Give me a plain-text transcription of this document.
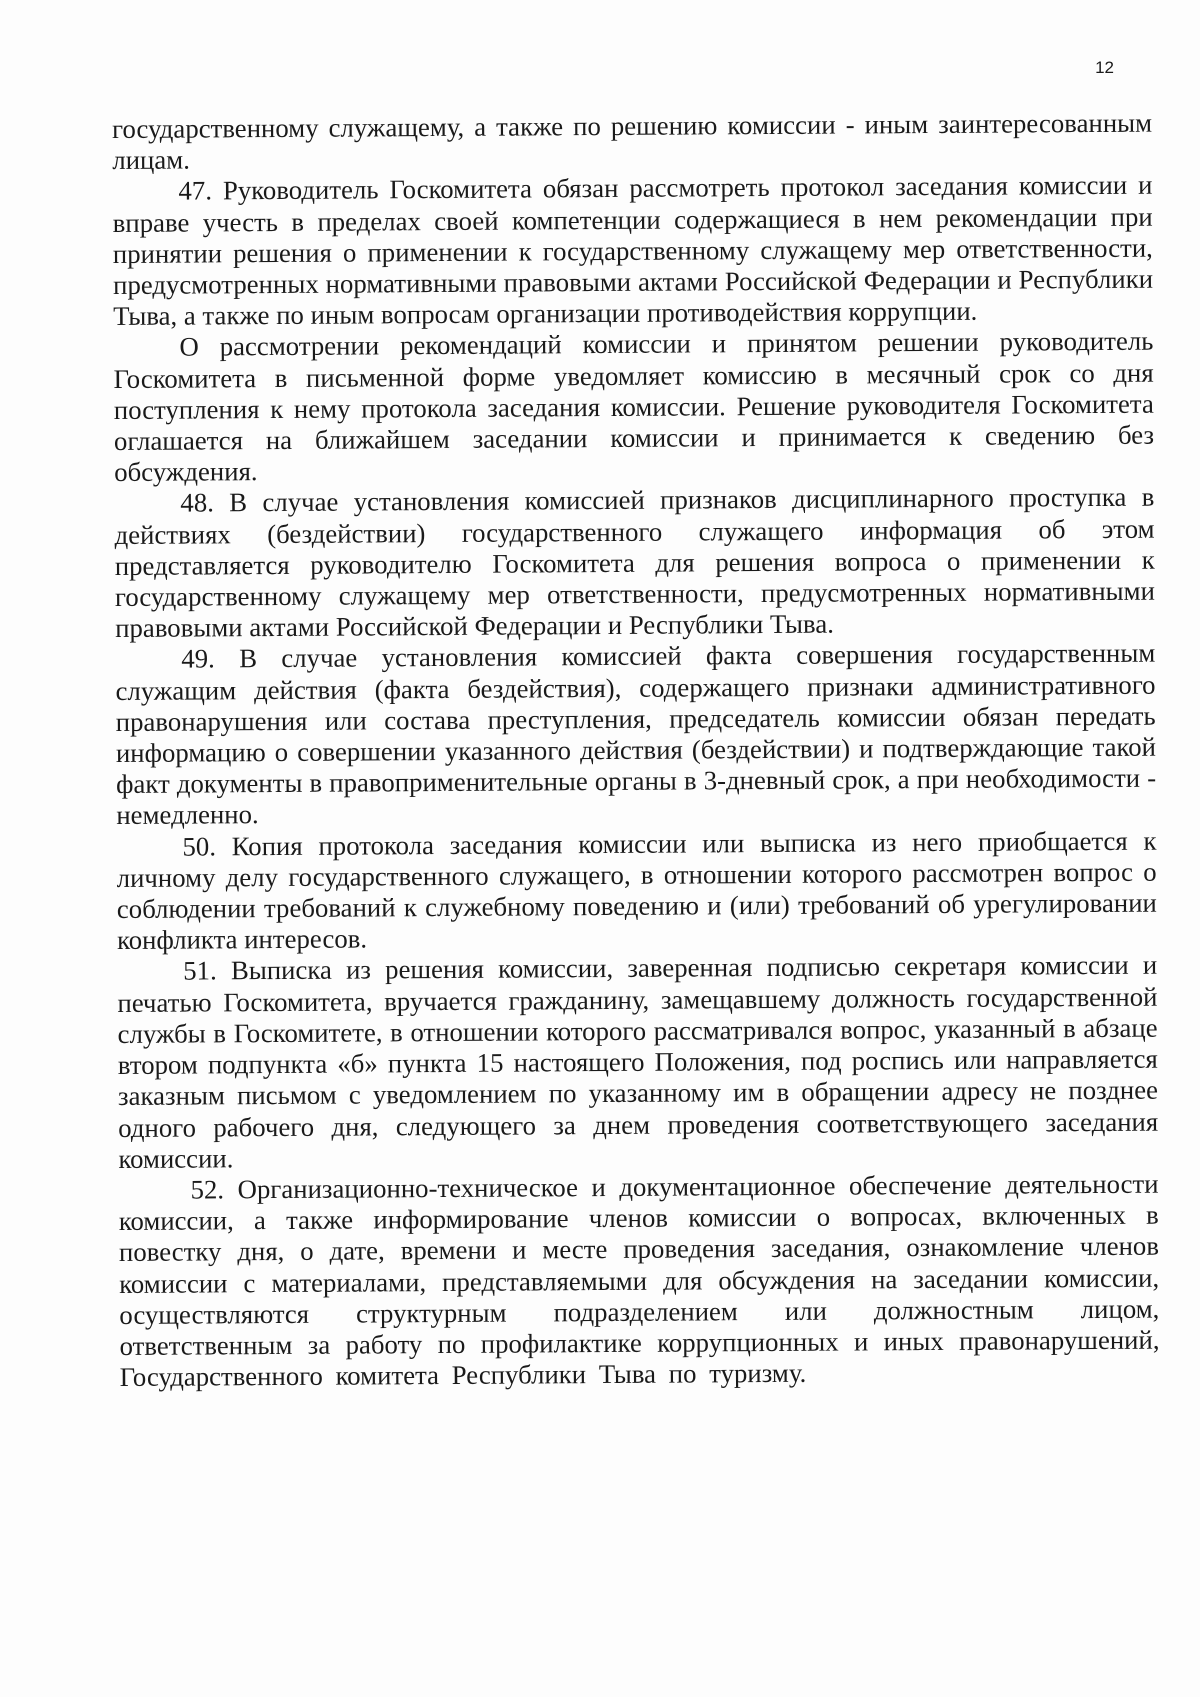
12

государственному служащему, а также по решению комиссии - иным заинтересованным лицам.

47. Руководитель Госкомитета обязан рассмотреть протокол заседания комиссии и вправе учесть в пределах своей компетенции содержащиеся в нем рекомендации при принятии решения о применении к государственному служащему мер ответственности, предусмотренных нормативными правовыми актами Российской Федерации и Республики Тыва, а также по иным вопросам организации противодействия коррупции.

О рассмотрении рекомендаций комиссии и принятом решении руководитель Госкомитета в письменной форме уведомляет комиссию в месячный срок со дня поступления к нему протокола заседания комиссии. Решение руководителя Госкомитета оглашается на ближайшем заседании комиссии и принимается к сведению без обсуждения.

48. В случае установления комиссией признаков дисциплинарного проступка в действиях (бездействии) государственного служащего информация об этом представляется руководителю Госкомитета для решения вопроса о применении к государственному служащему мер ответственности, предусмотренных нормативными правовыми актами Российской Федерации и Республики Тыва.

49. В случае установления комиссией факта совершения государственным служащим действия (факта бездействия), содержащего признаки административного правонарушения или состава преступления, председатель комиссии обязан передать информацию о совершении указанного действия (бездействии) и подтверждающие такой факт документы в правоприменительные органы в 3-дневный срок, а при необходимости - немедленно.

50. Копия протокола заседания комиссии или выписка из него приобщается к личному делу государственного служащего, в отношении которого рассмотрен вопрос о соблюдении требований к служебному поведению и (или) требований об урегулировании конфликта интересов.

51. Выписка из решения комиссии, заверенная подписью секретаря комиссии и печатью Госкомитета, вручается гражданину, замещавшему должность государственной службы в Госкомитете, в отношении которого рассматривался вопрос, указанный в абзаце втором подпункта «б» пункта 15 настоящего Положения, под роспись или направляется заказным письмом с уведомлением по указанному им в обращении адресу не позднее одного рабочего дня, следующего за днем проведения соответствующего заседания комиссии.

52. Организационно-техническое и документационное обеспечение деятельности комиссии, а также информирование членов комиссии о вопросах, включенных в повестку дня, о дате, времени и месте проведения заседания, ознакомление членов комиссии с материалами, представляемыми для обсуждения на заседании комиссии, осуществляются структурным подразделением или должностным лицом, ответственным за работу по профилактике коррупционных и иных правонарушений, Государственного комитета Республики Тыва по туризму.
